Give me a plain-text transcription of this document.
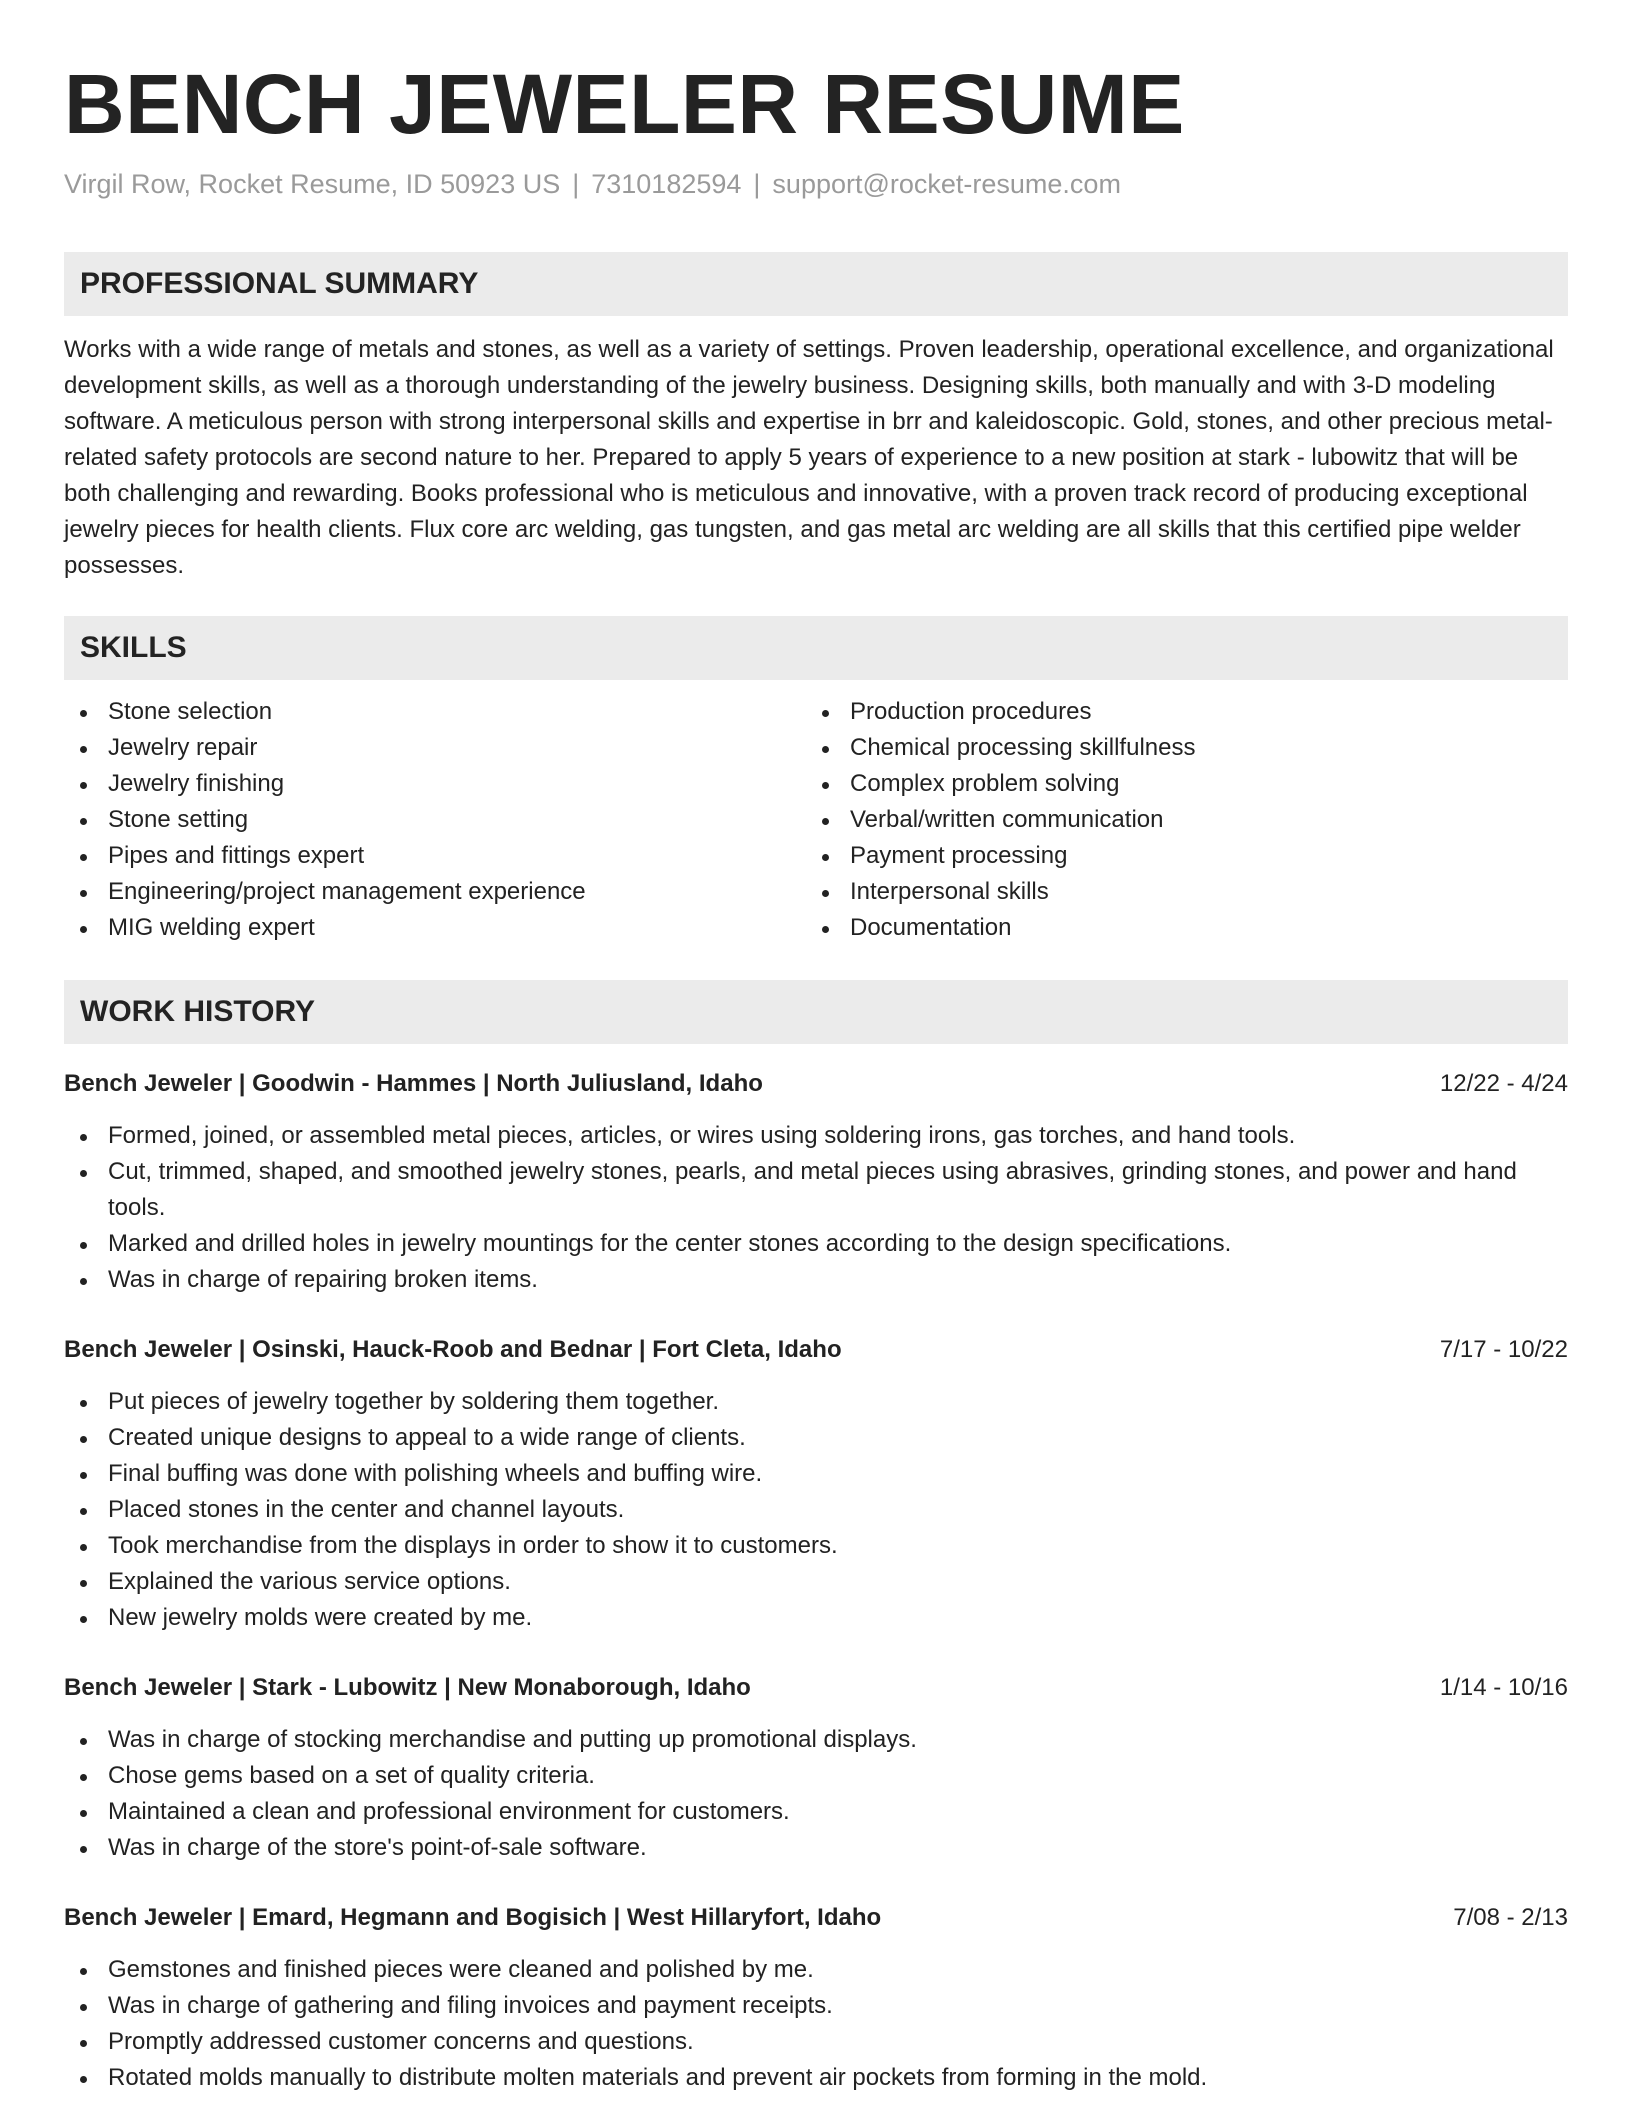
BENCH JEWELER RESUME
Virgil Row, Rocket Resume, ID 50923 US | 7310182594 | support@rocket-resume.com
PROFESSIONAL SUMMARY

Works with a wide range of metals and stones, as well as a variety of settings. Proven leadership, operational excellence, and organizational development skills, as well as a thorough understanding of the jewelry business. Designing skills, both manually and with 3-D modeling software. A meticulous person with strong interpersonal skills and expertise in brr and kaleidoscopic. Gold, stones, and other precious metal-related safety protocols are second nature to her. Prepared to apply 5 years of experience to a new position at stark - lubowitz that will be both challenging and rewarding. Books professional who is meticulous and innovative, with a proven track record of producing exceptional jewelry pieces for health clients. Flux core arc welding, gas tungsten, and gas metal arc welding are all skills that this certified pipe welder possesses.

SKILLS
Stone selection
Jewelry repair
Jewelry finishing
Stone setting
Pipes and fittings expert
Engineering/project management experience
MIG welding expert
Production procedures
Chemical processing skillfulness
Complex problem solving
Verbal/written communication
Payment processing
Interpersonal skills
Documentation
WORK HISTORY
Bench Jeweler | Goodwin - Hammes | North Juliusland, Idaho	12/22 - 4/24
Formed, joined, or assembled metal pieces, articles, or wires using soldering irons, gas torches, and hand tools.
Cut, trimmed, shaped, and smoothed jewelry stones, pearls, and metal pieces using abrasives, grinding stones, and power and hand tools.
Marked and drilled holes in jewelry mountings for the center stones according to the design specifications.
Was in charge of repairing broken items.
Bench Jeweler | Osinski, Hauck-Roob and Bednar | Fort Cleta, Idaho	7/17 - 10/22
Put pieces of jewelry together by soldering them together.
Created unique designs to appeal to a wide range of clients.
Final buffing was done with polishing wheels and buffing wire.
Placed stones in the center and channel layouts.
Took merchandise from the displays in order to show it to customers.
Explained the various service options.
New jewelry molds were created by me.
Bench Jeweler | Stark - Lubowitz | New Monaborough, Idaho	1/14 - 10/16
Was in charge of stocking merchandise and putting up promotional displays.
Chose gems based on a set of quality criteria.
Maintained a clean and professional environment for customers.
Was in charge of the store's point-of-sale software.
Bench Jeweler | Emard, Hegmann and Bogisich | West Hillaryfort, Idaho	7/08 - 2/13
Gemstones and finished pieces were cleaned and polished by me.
Was in charge of gathering and filing invoices and payment receipts.
Promptly addressed customer concerns and questions.
Rotated molds manually to distribute molten materials and prevent air pockets from forming in the mold.
